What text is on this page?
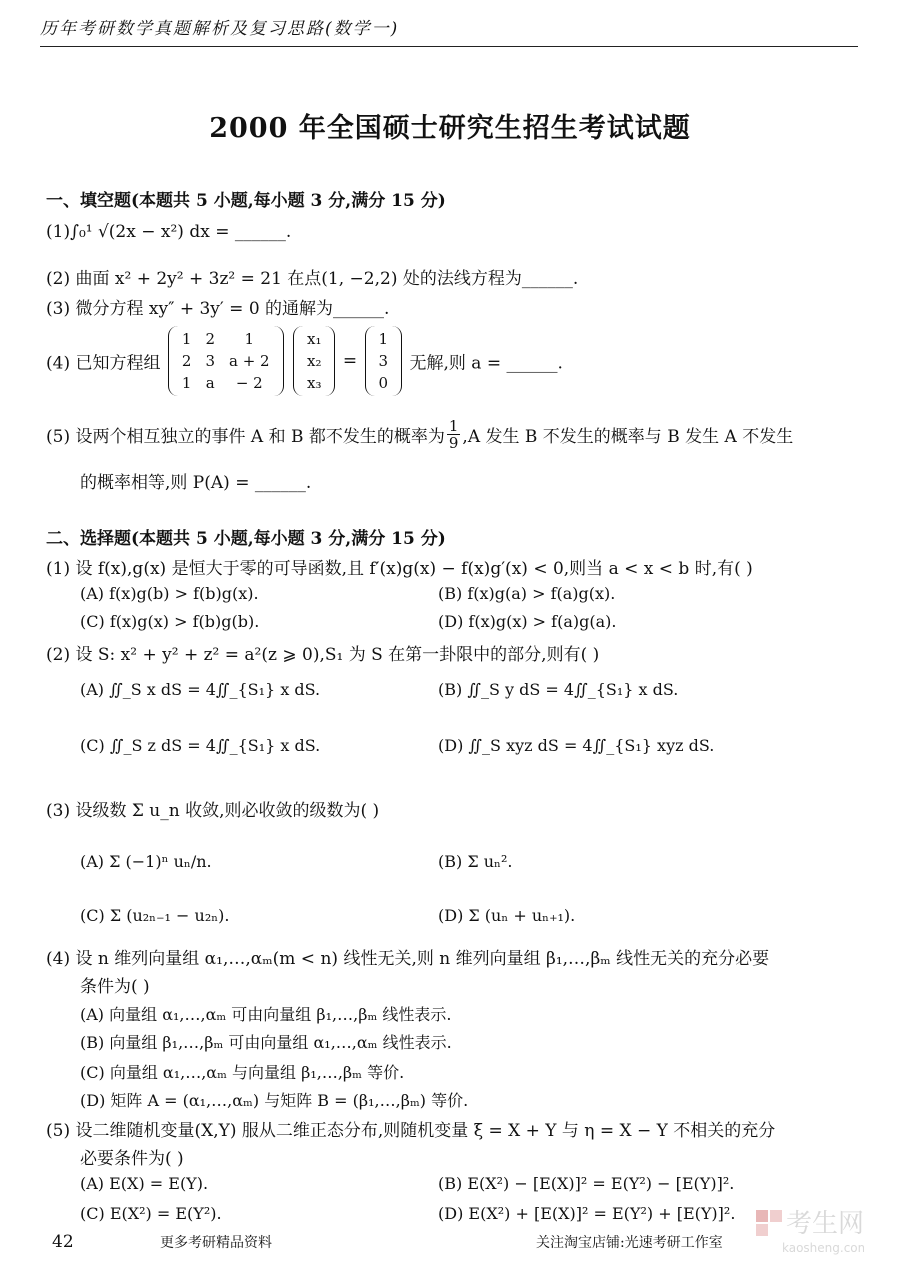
历年考研数学真题解析及复习思路(数学一)
2000 年全国硕士研究生招生考试试题
一、填空题(本题共 5 小题,每小题 3 分,满分 15 分)
(1)∫₀¹ √(2x − x²) dx = ______.
(2) 曲面 x² + 2y² + 3z² = 21 在点(1, −2,2) 处的法线方程为______.
(3) 微分方程 xy″ + 3y′ = 0 的通解为______.
(4) 已知方程组
1	2	1
2	3	a + 2
1	a	− 2

x₁
x₂
x₃
=
1
3
0
无解,则 a = ______.
(5) 设两个相互独立的事件 A 和 B 都不发生的概率为 $\frac{1}{9} ,A$ 发生 B 不发生的概率与 B 发生 A 不发生
的概率相等,则 P(A) = ______.
二、选择题(本题共 5 小题,每小题 3 分,满分 15 分)
(1) 设 f(x),g(x) 是恒大于零的可导函数,且 f′(x)g(x) − f(x)g′(x) < 0,则当 a < x < b 时,有( )
(A) f(x)g(b) > f(b)g(x).	(B) f(x)g(a) > f(a)g(x).
(C) f(x)g(x) > f(b)g(b).	(D) f(x)g(x) > f(a)g(a).
(2) 设 S: x² + y² + z² = a²(z ⩾ 0),S₁ 为 S 在第一卦限中的部分,则有( )
(A) ∬_S x dS = 4∬_{S₁} x dS.	(B) ∬_S y dS = 4∬_{S₁} x dS.
(C) ∬_S z dS = 4∬_{S₁} x dS.	(D) ∬_S xyz dS = 4∬_{S₁} xyz dS.
(3) 设级数 Σ u_n 收敛,则必收敛的级数为( )
(A) Σ (−1)ⁿ uₙ/n.	(B) Σ uₙ².
(C) Σ (u₂ₙ₋₁ − u₂ₙ).	(D) Σ (uₙ + uₙ₊₁).
(4) 设 n 维列向量组 α₁,…,αₘ(m < n) 线性无关,则 n 维列向量组 β₁,…,βₘ 线性无关的充分必要
条件为( )
(A) 向量组 α₁,…,αₘ 可由向量组 β₁,…,βₘ 线性表示.
(B) 向量组 β₁,…,βₘ 可由向量组 α₁,…,αₘ 线性表示.
(C) 向量组 α₁,…,αₘ 与向量组 β₁,…,βₘ 等价.
(D) 矩阵 A = (α₁,…,αₘ) 与矩阵 B = (β₁,…,βₘ) 等价.
(5) 设二维随机变量(X,Y) 服从二维正态分布,则随机变量 ξ = X + Y 与 η = X − Y 不相关的充分
必要条件为( )
(A) E(X) = E(Y).	(B) E(X²) − [E(X)]² = E(Y²) − [E(Y)]².
(C) E(X²) = E(Y²).	(D) E(X²) + [E(X)]² = E(Y²) + [E(Y)]².
42	更多考研精品资料	关注淘宝店铺:光速考研工作室
考生网
kaosheng.com
